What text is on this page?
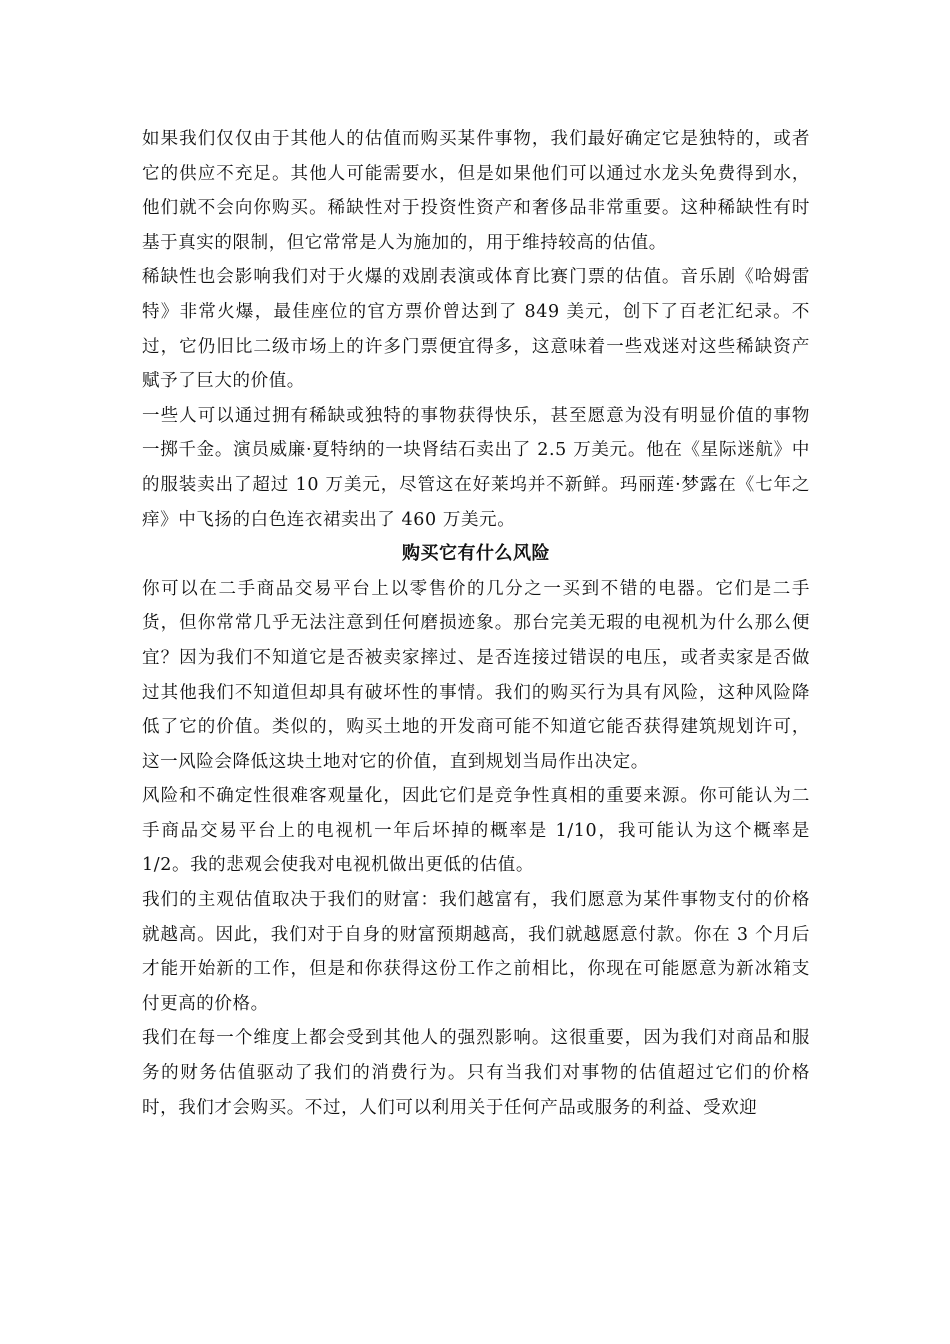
如果我们仅仅由于其他人的估值而购买某件事物，我们最好确定它是独特的，或者它的供应不充足。其他人可能需要水，但是如果他们可以通过水龙头免费得到水，他们就不会向你购买。稀缺性对于投资性资产和奢侈品非常重要。这种稀缺性有时基于真实的限制，但它常常是人为施加的，用于维持较高的估值。

稀缺性也会影响我们对于火爆的戏剧表演或体育比赛门票的估值。音乐剧《哈姆雷特》非常火爆，最佳座位的官方票价曾达到了 849 美元，创下了百老汇纪录。不过，它仍旧比二级市场上的许多门票便宜得多，这意味着一些戏迷对这些稀缺资产赋予了巨大的价值。

一些人可以通过拥有稀缺或独特的事物获得快乐，甚至愿意为没有明显价值的事物一掷千金。演员威廉·夏特纳的一块肾结石卖出了 2.5 万美元。他在《星际迷航》中的服装卖出了超过 10 万美元，尽管这在好莱坞并不新鲜。玛丽莲·梦露在《七年之痒》中飞扬的白色连衣裙卖出了 460 万美元。

购买它有什么风险

你可以在二手商品交易平台上以零售价的几分之一买到不错的电器。它们是二手货，但你常常几乎无法注意到任何磨损迹象。那台完美无瑕的电视机为什么那么便宜？因为我们不知道它是否被卖家摔过、是否连接过错误的电压，或者卖家是否做过其他我们不知道但却具有破坏性的事情。我们的购买行为具有风险，这种风险降低了它的价值。类似的，购买土地的开发商可能不知道它能否获得建筑规划许可，这一风险会降低这块土地对它的价值，直到规划当局作出决定。

风险和不确定性很难客观量化，因此它们是竞争性真相的重要来源。你可能认为二手商品交易平台上的电视机一年后坏掉的概率是 1/10，我可能认为这个概率是 1/2。我的悲观会使我对电视机做出更低的估值。

我们的主观估值取决于我们的财富：我们越富有，我们愿意为某件事物支付的价格就越高。因此，我们对于自身的财富预期越高，我们就越愿意付款。你在 3 个月后才能开始新的工作，但是和你获得这份工作之前相比，你现在可能愿意为新冰箱支付更高的价格。

我们在每一个维度上都会受到其他人的强烈影响。这很重要，因为我们对商品和服务的财务估值驱动了我们的消费行为。只有当我们对事物的估值超过它们的价格时，我们才会购买。不过，人们可以利用关于任何产品或服务的利益、受欢迎
